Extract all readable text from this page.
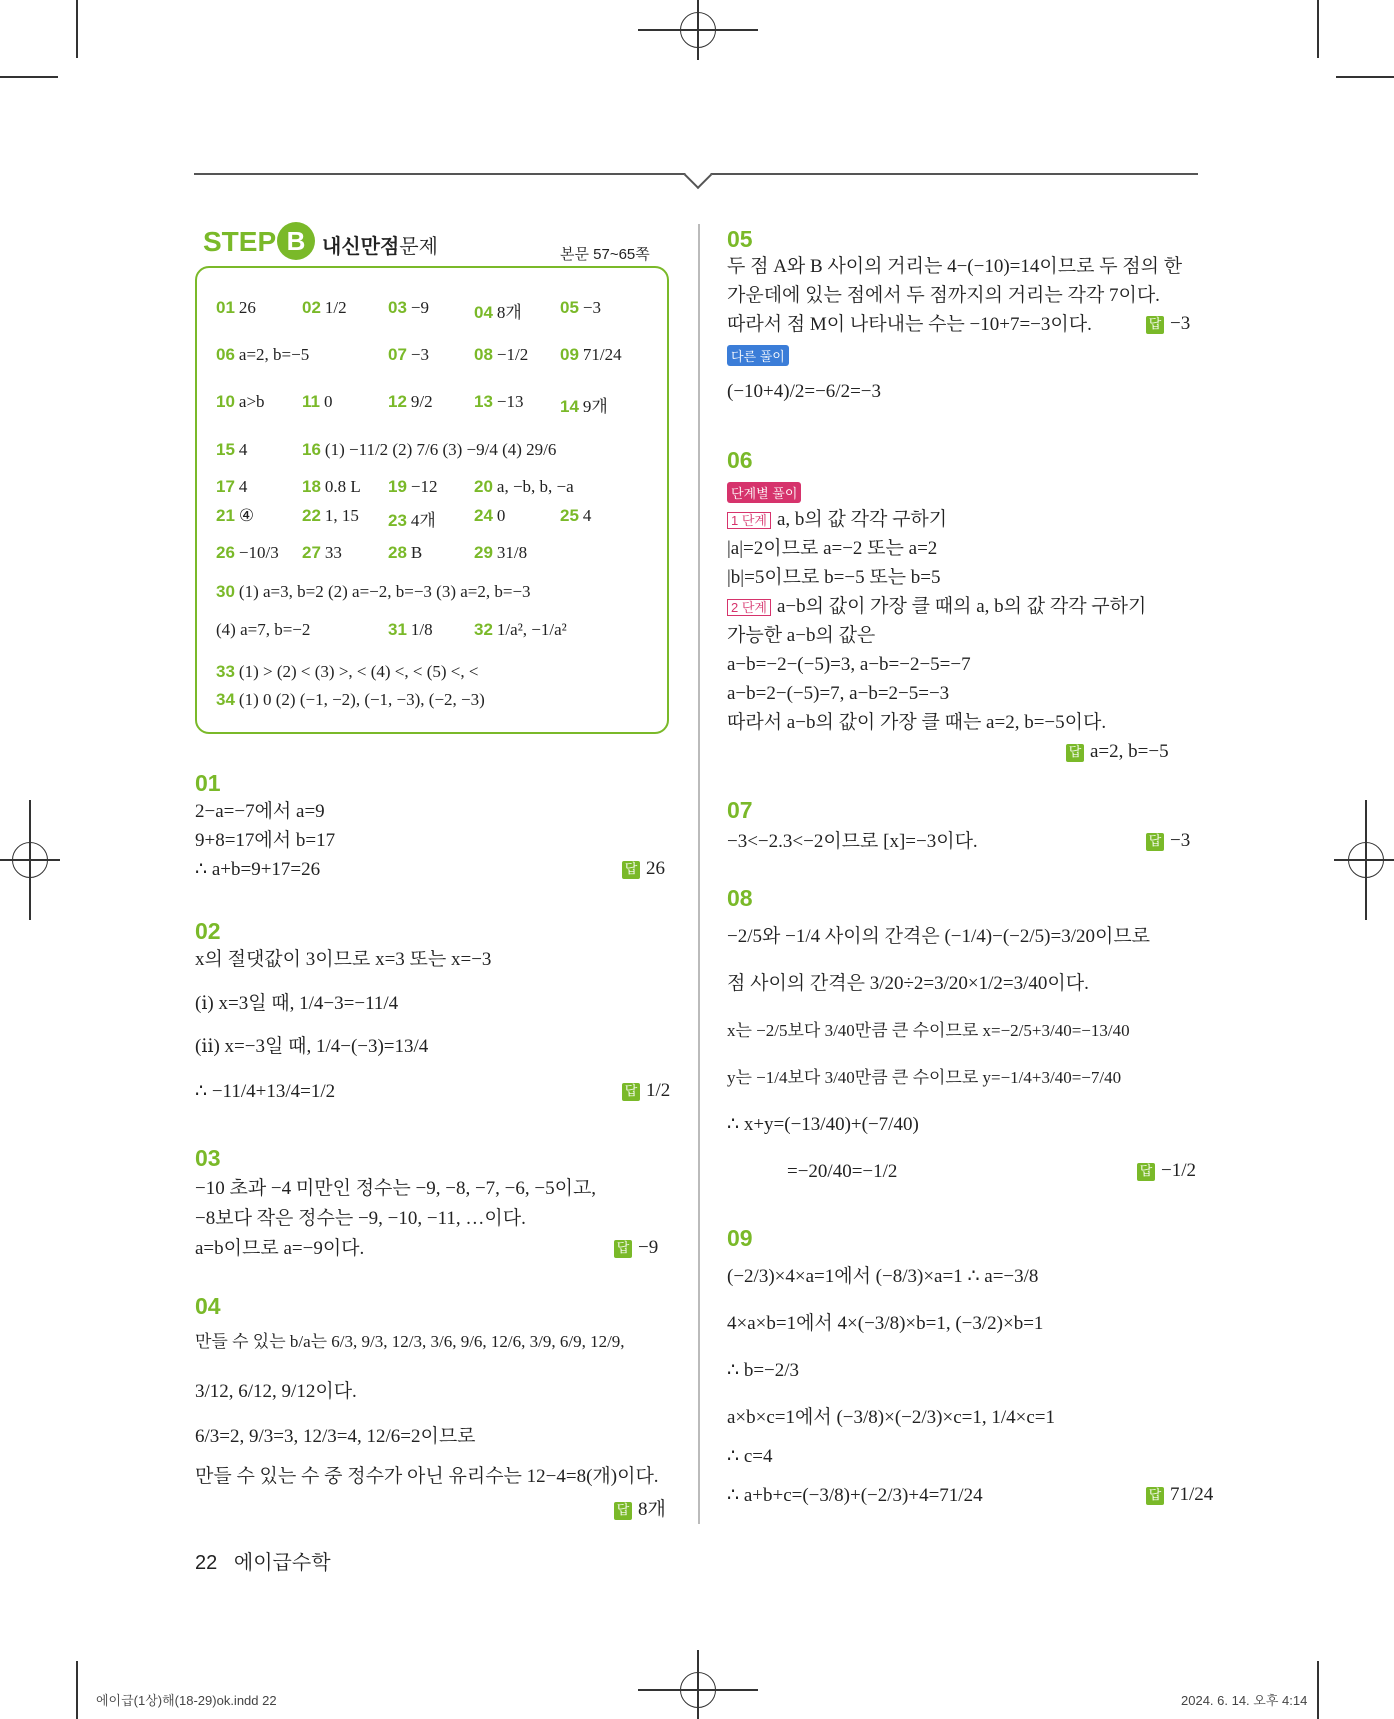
STEP B 내신만점문제	본문 57~65쪽
01 26	02 1/2 03 −9	04 8개 05 −3
06 a=2, b=−5	07 −3	08 −1/2 09 71/24
10 a>b 11 0	12 9/2 13 −13 14 9개
15 4	16 (1) −11/2 (2) 7/6 (3) −9/4 (4) 29/6
17 4	18 0.8 L 19 −12 20 a, −b, b, −a
21 ④	22 1, 15 23 4개 24 0	25 4
26 −10/3 27 33	28 B	29 31/8
30 (1) a=3, b=2 (2) a=−2, b=−3 (3) a=2, b=−3
(4) a=7, b=−2	31 1/8 32 1/a², −1/a²
33 (1) > (2) < (3) >, < (4) <, < (5) <, <
34 (1) 0 (2) (−1, −2), (−1, −3), (−2, −3)
01
2−a=−7에서 a=9
9+8=17에서 b=17
∴ a+b=9+17=26	답 26
02
x의 절댓값이 3이므로 x=3 또는 x=−3
(ⅰ) x=3일 때, 1/4−3=−11/4
(ⅱ) x=−3일 때, 1/4−(−3)=13/4
∴ −11/4+13/4=1/2	답 1/2
03
−10 초과 −4 미만인 정수는 −9, −8, −7, −6, −5이고,
−8보다 작은 정수는 −9, −10, −11, …이다.
a=b이므로 a=−9이다.	답 −9
04
만들 수 있는 b/a는 6/3, 9/3, 12/3, 3/6, 9/6, 12/6, 3/9, 6/9, 12/9,
3/12, 6/12, 9/12이다.
6/3=2, 9/3=3, 12/3=4, 12/6=2이므로
만들 수 있는 수 중 정수가 아닌 유리수는 12−4=8(개)이다.
답 8개
05
두 점 A와 B 사이의 거리는 4−(−10)=14이므로 두 점의 한
가운데에 있는 점에서 두 점까지의 거리는 각각 7이다.
따라서 점 M이 나타내는 수는 −10+7=−3이다.	답 −3
다른 풀이
(−10+4)/2=−6/2=−3
06
단계별 풀이
1 단계 a, b의 값 각각 구하기
|a|=2이므로 a=−2 또는 a=2
|b|=5이므로 b=−5 또는 b=5
2 단계 a−b의 값이 가장 클 때의 a, b의 값 각각 구하기
가능한 a−b의 값은
a−b=−2−(−5)=3, a−b=−2−5=−7
a−b=2−(−5)=7, a−b=2−5=−3
따라서 a−b의 값이 가장 클 때는 a=2, b=−5이다.
답 a=2, b=−5
07
−3<−2.3<−2이므로 [x]=−3이다.	답 −3
08
−2/5와 −1/4 사이의 간격은 (−1/4)−(−2/5)=3/20이므로
점 사이의 간격은 3/20÷2=3/20×1/2=3/40이다.
x는 −2/5보다 3/40만큼 큰 수이므로 x=−2/5+3/40=−13/40
y는 −1/4보다 3/40만큼 큰 수이므로 y=−1/4+3/40=−7/40
∴ x+y=(−13/40)+(−7/40)
=−20/40=−1/2	답 −1/2
09
(−2/3)×4×a=1에서 (−8/3)×a=1 ∴ a=−3/8
4×a×b=1에서 4×(−3/8)×b=1, (−3/2)×b=1
∴ b=−2/3
a×b×c=1에서 (−3/8)×(−2/3)×c=1, 1/4×c=1
∴ c=4
∴ a+b+c=(−3/8)+(−2/3)+4=71/24	답 71/24
22 에이급수학
에이급(1상)해(18-29)ok.indd 22	2024. 6. 14. 오후 4:14
